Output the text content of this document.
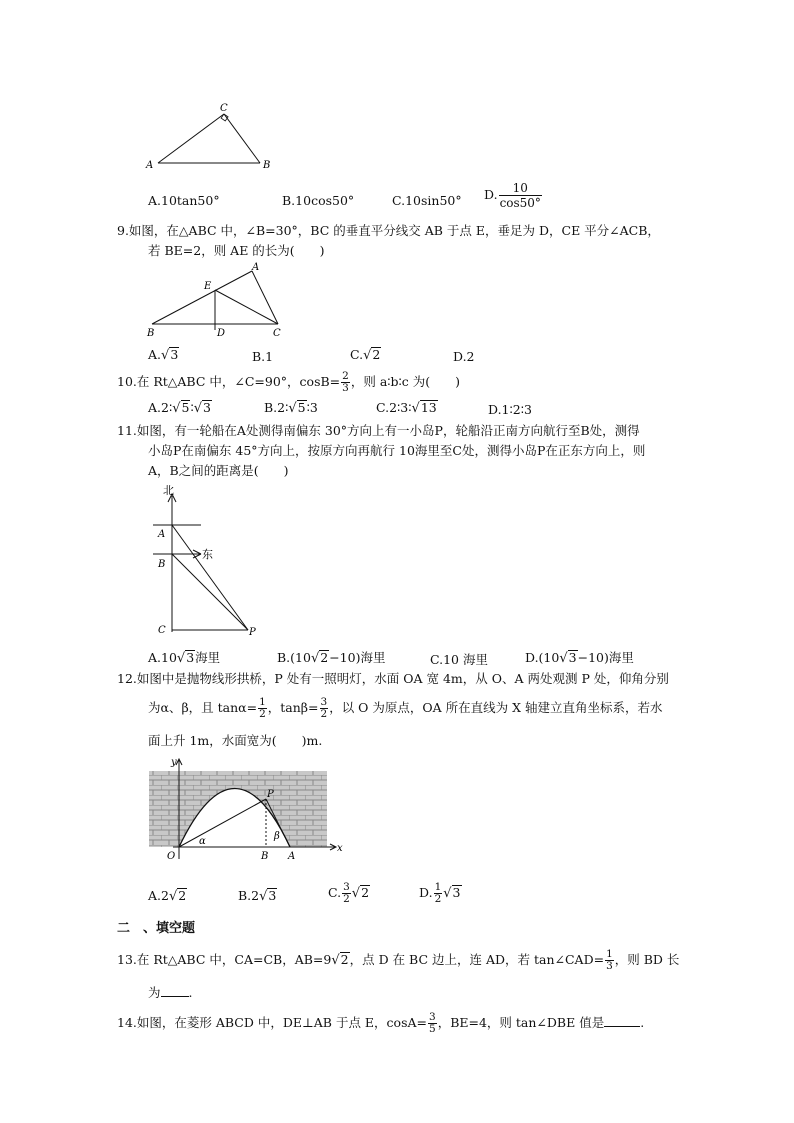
A
C
B
A.10tan50°	B.10cos50°	C.10sin50° D. $\frac{10}{\cos 50^\circ}$
9.如图，在△ABC 中，∠B=30°，BC 的垂直平分线交 AB 于点 E，垂足为 D，CE 平分∠ACB，
若 BE=2，则 AE 的长为(　　)
A
E
B	D	C
A.√3	B.1	C.√2	D.2
10.在 Rt△ABC 中，∠C=90°，$\cos B= \frac{2}{3}$ ，则 a∶b∶c 为(　　)
A.2∶√5∶√3	B.2∶√5∶3	C.2∶3∶√13	D.1∶2∶3
11.如图，有一轮船在A处测得南偏东 30°方向上有一小岛P，轮船沿正南方向航行至B处，测得
小岛P在南偏东 45°方向上，按原方向再航行 10海里至C处，测得小岛P在正东方向上，则
A，B之间的距离是(　　)
北
东
A
B
C	P
A.10√3海里	B.(10√2−10)海里	C.10 海里	D.(10√3−10)海里
12.如图中是抛物线形拱桥，P 处有一照明灯，水面 OA 宽 4m，从 O、A 两处观测 P 处，仰角分别
为α、β，且 $\tan\alpha= \frac{1}{2}$ ，$\tan\beta= \frac{3}{2}$ ，以 O 为原点，OA 所在直线为 X 轴建立直角坐标系，若水
面上升 1m，水面宽为(　　)m.
y
x
O	B A
P
α	β
A.2√2	B.2√3	C. $\frac{3}{2} √2$	D. $\frac{1}{2} √3$
二　、填空题
13.在 Rt△ABC 中，CA=CB，AB=9√2，点 D 在 BC 边上，连 AD，若 tan∠CAD= $\frac{1}{3}$ ，则 BD 长
为 .
14.如图，在菱形 ABCD 中，DE⊥AB 于点 E，$\cos A= \frac{3}{5}$ ，BE=4，则 tan∠DBE 值是	.
